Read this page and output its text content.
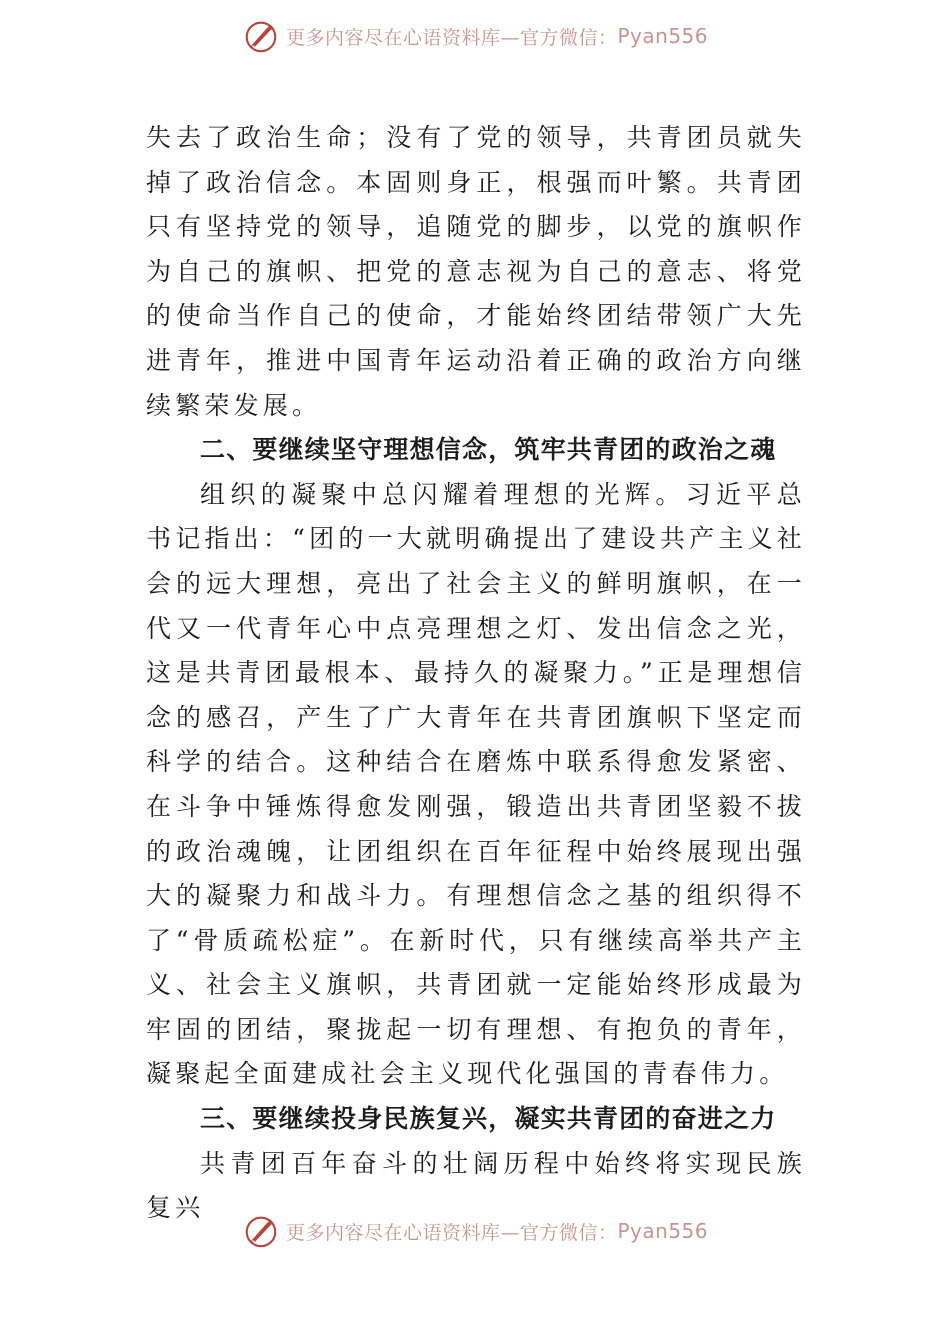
更多内容尽在心语资料库—官方微信： Pyan556

失去了政治生命；没有了党的领导，共青团员就失掉了政治信念。本固则身正，根强而叶繁。共青团只有坚持党的领导，追随党的脚步，以党的旗帜作为自己的旗帜、把党的意志视为自己的意志、将党的使命当作自己的使命，才能始终团结带领广大先进青年，推进中国青年运动沿着正确的政治方向继续繁荣发展。

二、要继续坚守理想信念，筑牢共青团的政治之魂

组织的凝聚中总闪耀着理想的光辉。习近平总书记指出：“团的一大就明确提出了建设共产主义社会的远大理想，亮出了社会主义的鲜明旗帜，在一代又一代青年心中点亮理想之灯、发出信念之光，这是共青团最根本、最持久的凝聚力。”正是理想信念的感召，产生了广大青年在共青团旗帜下坚定而科学的结合。这种结合在磨炼中联系得愈发紧密、在斗争中锤炼得愈发刚强，锻造出共青团坚毅不拔的政治魂魄，让团组织在百年征程中始终展现出强大的凝聚力和战斗力。有理想信念之基的组织得不了“骨质疏松症”。在新时代，只有继续高举共产主义、社会主义旗帜，共青团就一定能始终形成最为牢固的团结，聚拢起一切有理想、有抱负的青年，凝聚起全面建成社会主义现代化强国的青春伟力。

三、要继续投身民族复兴，凝实共青团的奋进之力

共青团百年奋斗的壮阔历程中始终将实现民族复兴

更多内容尽在心语资料库—官方微信： Pyan556
